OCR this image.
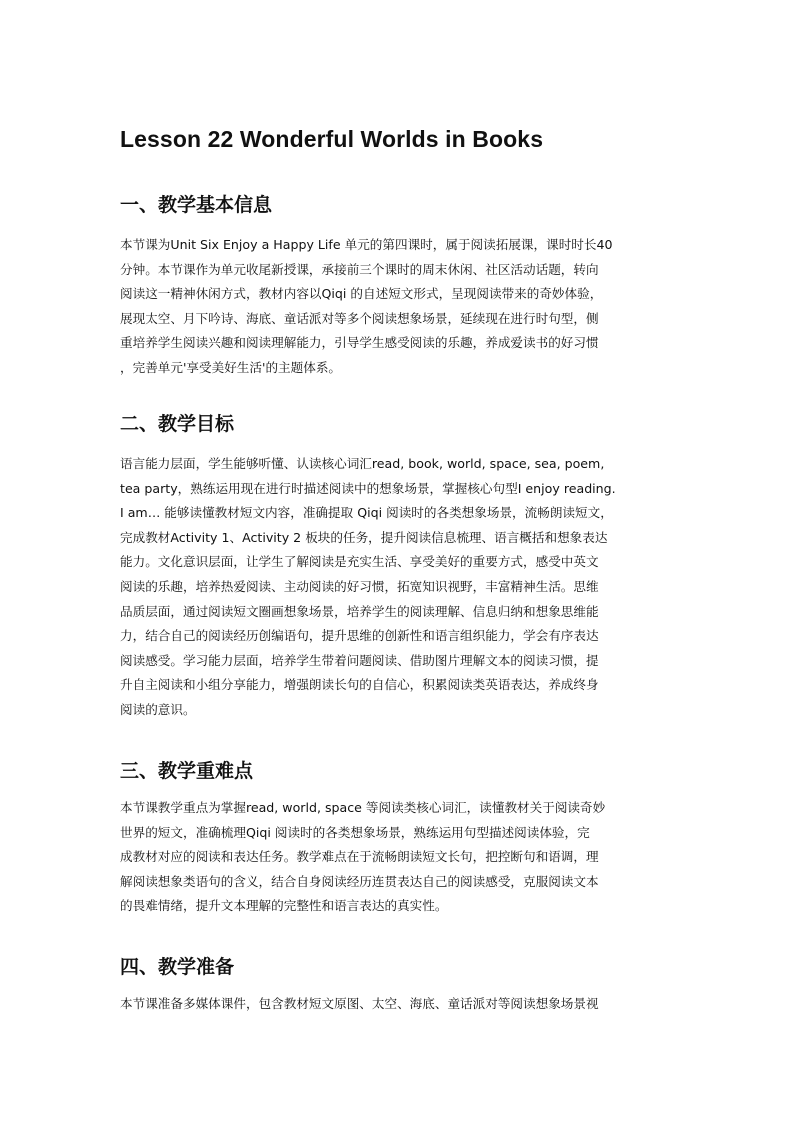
Lesson 22 Wonderful Worlds in Books
一、教学基本信息
本节课为Unit Six Enjoy a Happy Life 单元的第四课时，属于阅读拓展课，课时时长40
分钟。本节课作为单元收尾新授课，承接前三个课时的周末休闲、社区活动话题，转向
阅读这一精神休闲方式，教材内容以Qiqi 的自述短文形式，呈现阅读带来的奇妙体验，
展现太空、月下吟诗、海底、童话派对等多个阅读想象场景，延续现在进行时句型，侧
重培养学生阅读兴趣和阅读理解能力，引导学生感受阅读的乐趣，养成爱读书的好习惯
，完善单元'享受美好生活'的主题体系。
二、教学目标
语言能力层面，学生能够听懂、认读核心词汇read, book, world, space, sea, poem,
tea party，熟练运用现在进行时描述阅读中的想象场景，掌握核心句型I enjoy reading.
I am… 能够读懂教材短文内容，准确提取 Qiqi 阅读时的各类想象场景，流畅朗读短文，
完成教材Activity 1、Activity 2 板块的任务，提升阅读信息梳理、语言概括和想象表达
能力。文化意识层面，让学生了解阅读是充实生活、享受美好的重要方式，感受中英文
阅读的乐趣，培养热爱阅读、主动阅读的好习惯，拓宽知识视野，丰富精神生活。思维
品质层面，通过阅读短文圈画想象场景，培养学生的阅读理解、信息归纳和想象思维能
力，结合自己的阅读经历创编语句，提升思维的创新性和语言组织能力，学会有序表达
阅读感受。学习能力层面，培养学生带着问题阅读、借助图片理解文本的阅读习惯，提
升自主阅读和小组分享能力，增强朗读长句的自信心，积累阅读类英语表达，养成终身
阅读的意识。
三、教学重难点
本节课教学重点为掌握read, world, space 等阅读类核心词汇，读懂教材关于阅读奇妙
世界的短文，准确梳理Qiqi 阅读时的各类想象场景，熟练运用句型描述阅读体验，完
成教材对应的阅读和表达任务。教学难点在于流畅朗读短文长句，把控断句和语调，理
解阅读想象类语句的含义，结合自身阅读经历连贯表达自己的阅读感受，克服阅读文本
的畏难情绪，提升文本理解的完整性和语言表达的真实性。
四、教学准备
本节课准备多媒体课件，包含教材短文原图、太空、海底、童话派对等阅读想象场景视
